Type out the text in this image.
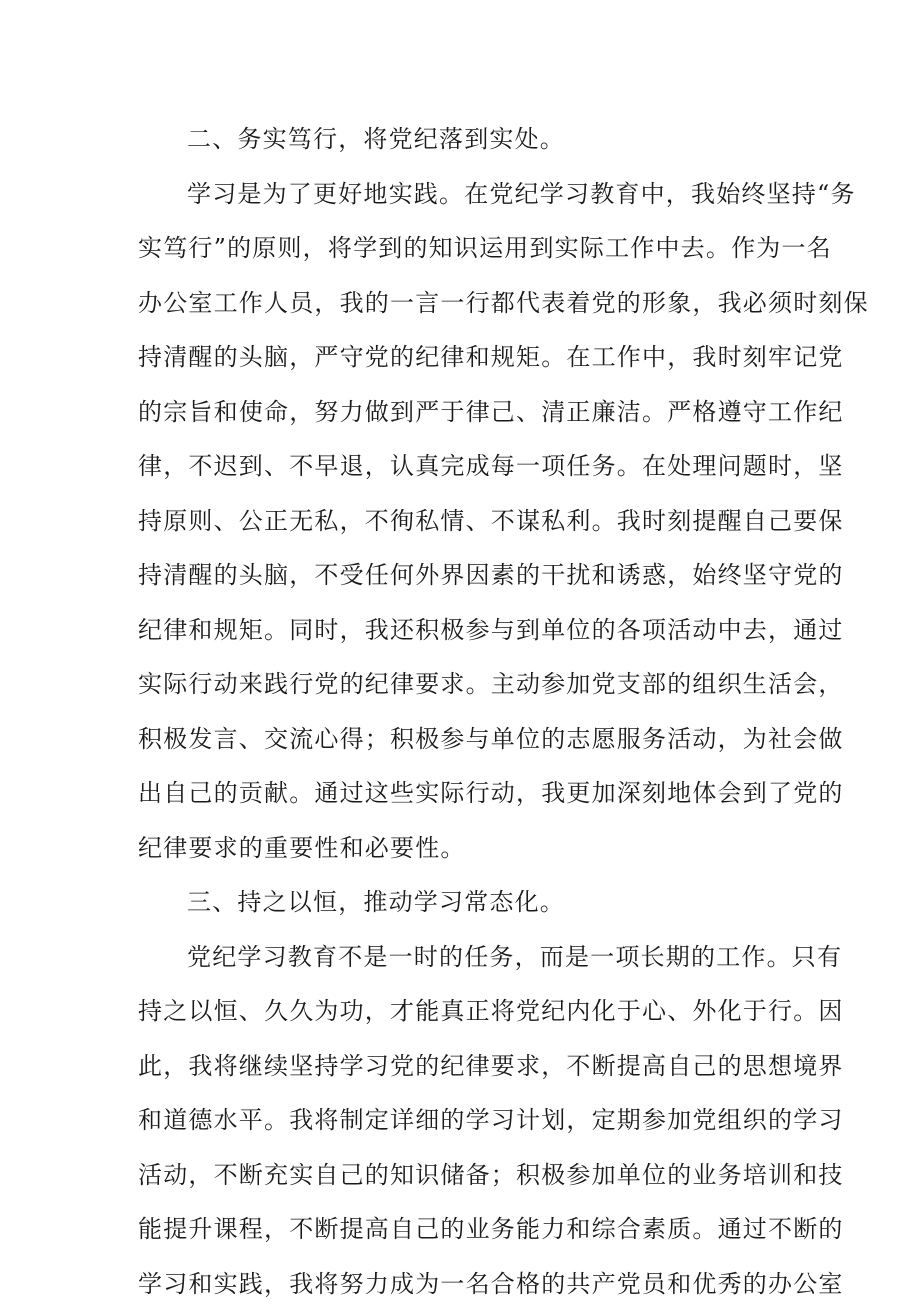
二、务实笃行，将党纪落到实处。
学习是为了更好地实践。在党纪学习教育中，我始终坚持“务
实笃行”的原则，将学到的知识运用到实际工作中去。作为一名
办公室工作人员，我的一言一行都代表着党的形象，我必须时刻保
持清醒的头脑，严守党的纪律和规矩。在工作中，我时刻牢记党
的宗旨和使命，努力做到严于律己、清正廉洁。严格遵守工作纪
律，不迟到、不早退，认真完成每一项任务。在处理问题时，坚
持原则、公正无私，不徇私情、不谋私利。我时刻提醒自己要保
持清醒的头脑，不受任何外界因素的干扰和诱惑，始终坚守党的
纪律和规矩。同时，我还积极参与到单位的各项活动中去，通过
实际行动来践行党的纪律要求。主动参加党支部的组织生活会，
积极发言、交流心得；积极参与单位的志愿服务活动，为社会做
出自己的贡献。通过这些实际行动，我更加深刻地体会到了党的
纪律要求的重要性和必要性。
三、持之以恒，推动学习常态化。
党纪学习教育不是一时的任务，而是一项长期的工作。只有
持之以恒、久久为功，才能真正将党纪内化于心、外化于行。因
此，我将继续坚持学习党的纪律要求，不断提高自己的思想境界
和道德水平。我将制定详细的学习计划，定期参加党组织的学习
活动，不断充实自己的知识储备；积极参加单位的业务培训和技
能提升课程，不断提高自己的业务能力和综合素质。通过不断的
学习和实践，我将努力成为一名合格的共产党员和优秀的办公室
